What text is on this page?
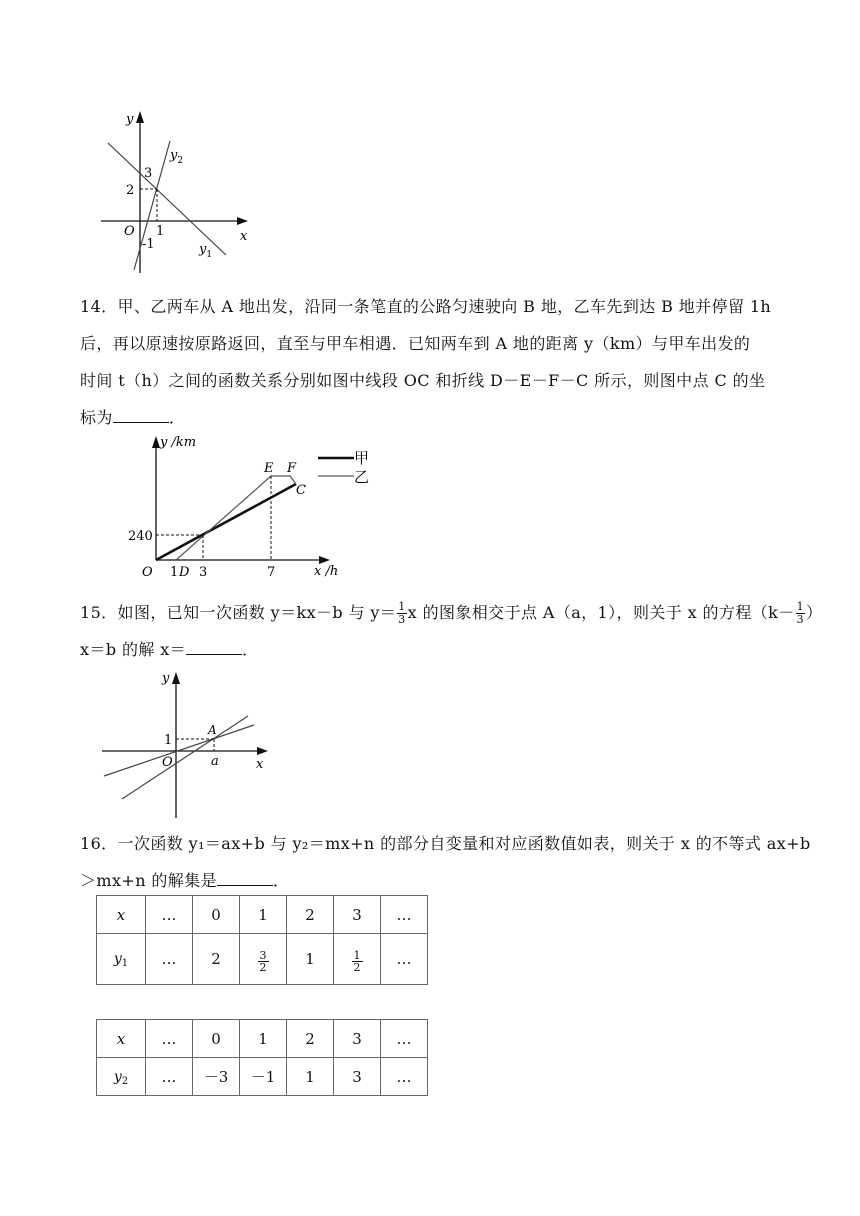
y
x
O
3
2
1
-1
$y_2$
$y_1$
14．甲、乙两车从 A 地出发，沿同一条笔直的公路匀速驶向 B 地，乙车先到达 B 地并停留 1h
后，再以原速按原路返回，直至与甲车相遇．已知两车到 A 地的距离 y（km）与甲车出发的
时间 t（h）之间的函数关系分别如图中线段 OC 和折线 D－E－F－C 所示，则图中点 C 的坐
标为	．
y /km
x /h
O 1 D 3	7
240
E F
C
甲
乙
15．如图，已知一次函数 y＝kx－b 与 $y= \frac{1}{3}$ x 的图象相交于点 A（a，1），则关于 x 的方程（$k- \frac{1}{3}$ ）
x＝b 的解 x＝	．
y
x
O
1
A
a
16．一次函数 y₁＝ax+b 与 y₂＝mx+n 的部分自变量和对应函数值如表，则关于 x 的不等式 ax+b
＞mx+n 的解集是	．
x	…	0	1	2	3	…
$y_1$	…	2	$\frac{3}{2}$	1	$\frac{1}{2}$	…
x	…	0	1	2	3	…
$y_2$	…	－3	－1	1	3	…
